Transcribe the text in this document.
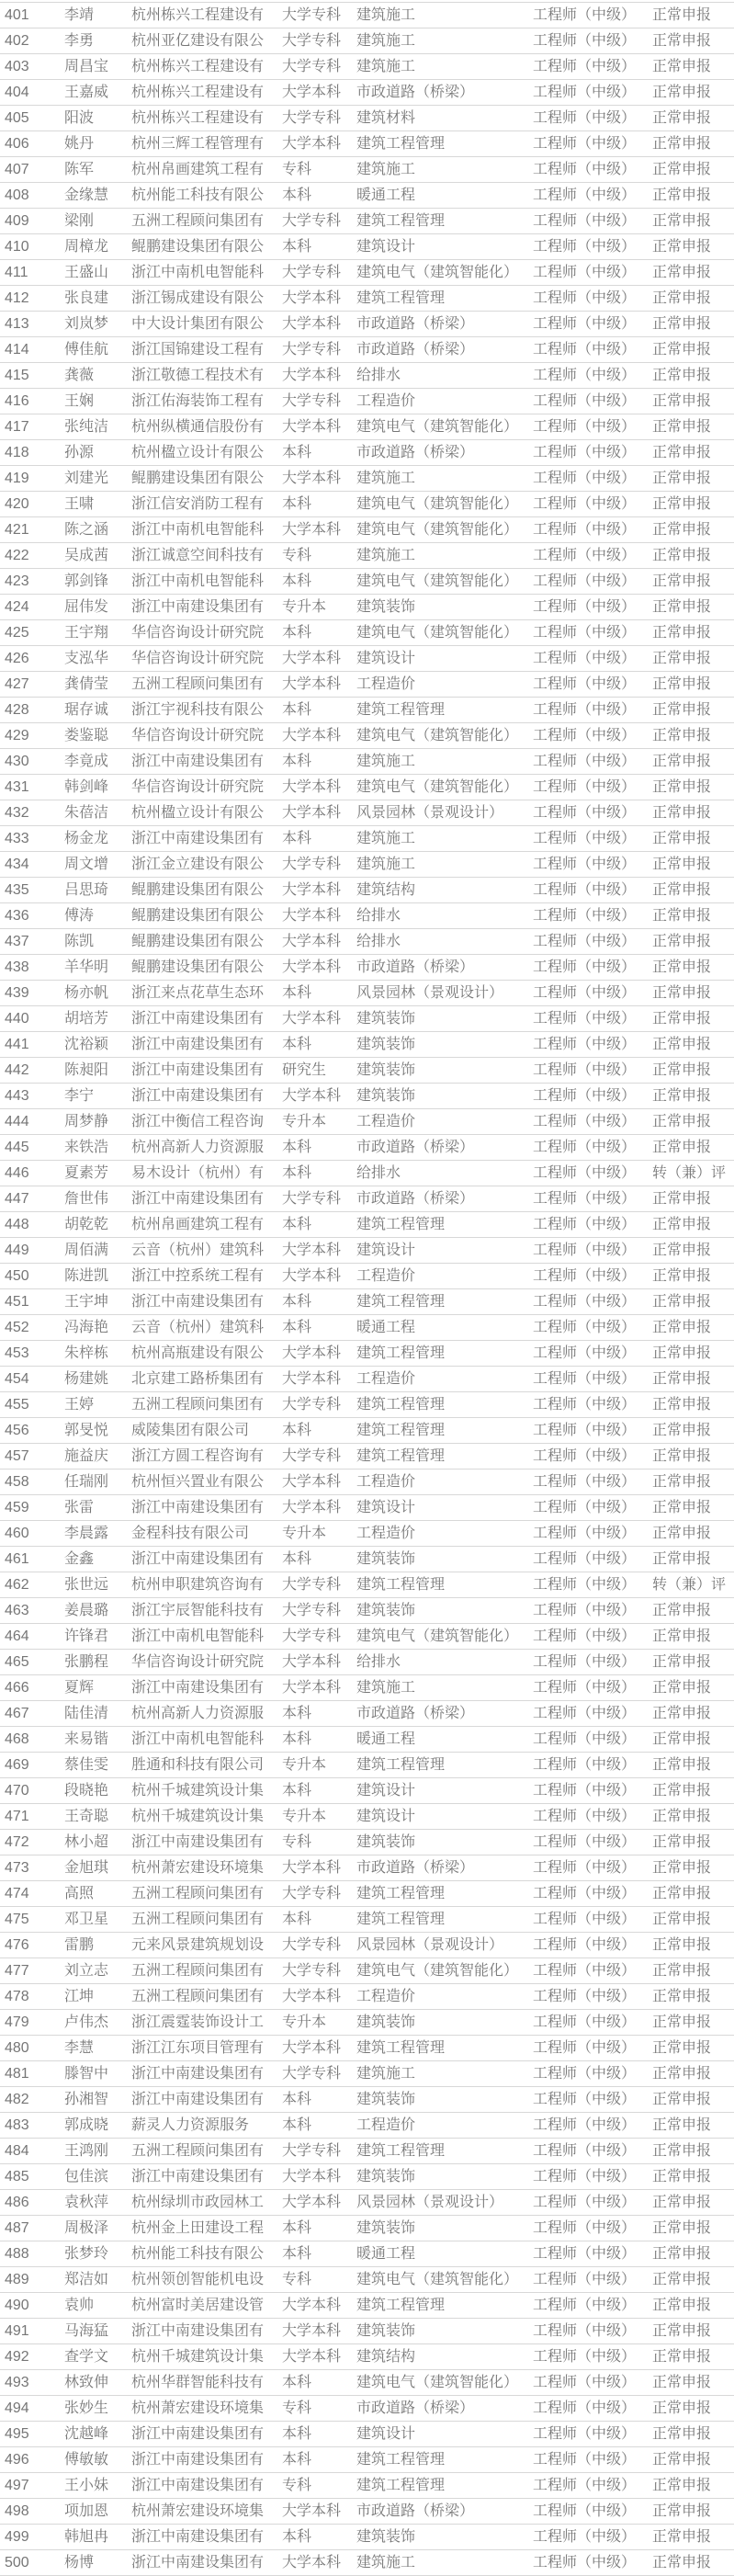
401	李靖	杭州栋兴工程建设有	大学专科	建筑施工	工程师（中级）	正常申报
402	李勇	杭州亚亿建设有限公	大学专科	建筑施工	工程师（中级）	正常申报
403	周昌宝	杭州栋兴工程建设有	大学专科	建筑施工	工程师（中级）	正常申报
404	王嘉威	杭州栋兴工程建设有	大学本科	市政道路（桥梁）	工程师（中级）	正常申报
405	阳波	杭州栋兴工程建设有	大学专科	建筑材料	工程师（中级）	正常申报
406	姚丹	杭州三辉工程管理有	大学本科	建筑工程管理	工程师（中级）	正常申报
407	陈军	杭州帛画建筑工程有	专科	建筑施工	工程师（中级）	正常申报
408	金缘慧	杭州能工科技有限公	本科	暖通工程	工程师（中级）	正常申报
409	梁刚	五洲工程顾问集团有	大学专科	建筑工程管理	工程师（中级）	正常申报
410	周樟龙	鲲鹏建设集团有限公	本科	建筑设计	工程师（中级）	正常申报
411	王盛山	浙江中南机电智能科	大学专科	建筑电气（建筑智能化） 工程师（中级）	正常申报
412	张良建	浙江锡成建设有限公	大学本科	建筑工程管理	工程师（中级）	正常申报
413	刘岚梦	中大设计集团有限公	大学本科	市政道路（桥梁）	工程师（中级）	正常申报
414	傅佳航	浙江国锦建设工程有	大学专科	市政道路（桥梁）	工程师（中级）	正常申报
415	龚薇	浙江敬德工程技术有	大学本科	给排水	工程师（中级）	正常申报
416	王娴	浙江佑海装饰工程有	大学专科	工程造价	工程师（中级）	正常申报
417	张纯洁	杭州纵横通信股份有	大学本科	建筑电气（建筑智能化） 工程师（中级）	正常申报
418	孙源	杭州楹立设计有限公	本科	市政道路（桥梁）	工程师（中级）	正常申报
419	刘建光	鲲鹏建设集团有限公	大学本科	建筑施工	工程师（中级）	正常申报
420	王啸	浙江信安消防工程有	本科	建筑电气（建筑智能化） 工程师（中级）	正常申报
421	陈之涵	浙江中南机电智能科	大学本科	建筑电气（建筑智能化） 工程师（中级）	正常申报
422	吴成茜	浙江诚意空间科技有	专科	建筑施工	工程师（中级）	正常申报
423	郭剑锋	浙江中南机电智能科	本科	建筑电气（建筑智能化） 工程师（中级）	正常申报
424	屈伟发	浙江中南建设集团有	专升本	建筑装饰	工程师（中级）	正常申报
425	王宇翔	华信咨询设计研究院	本科	建筑电气（建筑智能化） 工程师（中级）	正常申报
426	支泓华	华信咨询设计研究院	大学本科	建筑设计	工程师（中级）	正常申报
427	龚倩莹	五洲工程顾问集团有	大学本科	工程造价	工程师（中级）	正常申报
428	琚存诚	浙江宇视科技有限公	本科	建筑工程管理	工程师（中级）	正常申报
429	娄鉴聪	华信咨询设计研究院	大学本科	建筑电气（建筑智能化） 工程师（中级）	正常申报
430	李竟成	浙江中南建设集团有	本科	建筑施工	工程师（中级）	正常申报
431	韩剑峰	华信咨询设计研究院	大学本科	建筑电气（建筑智能化） 工程师（中级）	正常申报
432	朱蓓洁	杭州楹立设计有限公	大学本科	风景园林（景观设计）	工程师（中级）	正常申报
433	杨金龙	浙江中南建设集团有	本科	建筑施工	工程师（中级）	正常申报
434	周文增	浙江金立建设有限公	大学专科	建筑施工	工程师（中级）	正常申报
435	吕思琦	鲲鹏建设集团有限公	大学本科	建筑结构	工程师（中级）	正常申报
436	傅涛	鲲鹏建设集团有限公	大学本科	给排水	工程师（中级）	正常申报
437	陈凯	鲲鹏建设集团有限公	大学本科	给排水	工程师（中级）	正常申报
438	羊华明	鲲鹏建设集团有限公	大学本科	市政道路（桥梁）	工程师（中级）	正常申报
439	杨亦帆	浙江来点花草生态环	本科	风景园林（景观设计）	工程师（中级）	正常申报
440	胡培芳	浙江中南建设集团有	大学本科	建筑装饰	工程师（中级）	正常申报
441	沈裕颖	浙江中南建设集团有	本科	建筑装饰	工程师（中级）	正常申报
442	陈昶阳	浙江中南建设集团有	研究生	建筑装饰	工程师（中级）	正常申报
443	李宁	浙江中南建设集团有	大学本科	建筑装饰	工程师（中级）	正常申报
444	周梦静	浙江中衡信工程咨询	专升本	工程造价	工程师（中级）	正常申报
445	来铁浩	杭州高新人力资源服	本科	市政道路（桥梁）	工程师（中级）	正常申报
446	夏素芳	易木设计（杭州）有	本科	给排水	工程师（中级）	转（兼）评
447	詹世伟	浙江中南建设集团有	大学专科	市政道路（桥梁）	工程师（中级）	正常申报
448	胡乾乾	杭州帛画建筑工程有	本科	建筑工程管理	工程师（中级）	正常申报
449	周佰满	云音（杭州）建筑科	大学本科	建筑设计	工程师（中级）	正常申报
450	陈进凯	浙江中控系统工程有	大学本科	工程造价	工程师（中级）	正常申报
451	王宇坤	浙江中南建设集团有	本科	建筑工程管理	工程师（中级）	正常申报
452	冯海艳	云音（杭州）建筑科	本科	暖通工程	工程师（中级）	正常申报
453	朱梓栋	杭州高瓶建设有限公	大学本科	建筑工程管理	工程师（中级）	正常申报
454	杨建姚	北京建工路桥集团有	大学本科	工程造价	工程师（中级）	正常申报
455	王婷	五洲工程顾问集团有	大学专科	建筑工程管理	工程师（中级）	正常申报
456	郭旻悦	威陵集团有限公司	本科	建筑工程管理	工程师（中级）	正常申报
457	施益庆	浙江方圆工程咨询有	大学专科	建筑工程管理	工程师（中级）	正常申报
458	任瑞刚	杭州恒兴置业有限公	大学本科	工程造价	工程师（中级）	正常申报
459	张雷	浙江中南建设集团有	大学本科	建筑设计	工程师（中级）	正常申报
460	李晨露	金程科技有限公司	专升本	工程造价	工程师（中级）	正常申报
461	金鑫	浙江中南建设集团有	本科	建筑装饰	工程师（中级）	正常申报
462	张世远	杭州申职建筑咨询有	大学专科	建筑工程管理	工程师（中级）	转（兼）评
463	姜晨璐	浙江宇辰智能科技有	大学专科	建筑装饰	工程师（中级）	正常申报
464	许锋君	浙江中南机电智能科	大学专科	建筑电气（建筑智能化） 工程师（中级）	正常申报
465	张鹏程	华信咨询设计研究院	大学本科	给排水	工程师（中级）	正常申报
466	夏辉	浙江中南建设集团有	大学本科	建筑施工	工程师（中级）	正常申报
467	陆佳清	杭州高新人力资源服	本科	市政道路（桥梁）	工程师（中级）	正常申报
468	来易锴	浙江中南机电智能科	本科	暖通工程	工程师（中级）	正常申报
469	蔡佳雯	胜通和科技有限公司	专升本	建筑工程管理	工程师（中级）	正常申报
470	段晓艳	杭州千城建筑设计集	本科	建筑设计	工程师（中级）	正常申报
471	王奇聪	杭州千城建筑设计集	专升本	建筑设计	工程师（中级）	正常申报
472	林小超	浙江中南建设集团有	专科	建筑装饰	工程师（中级）	正常申报
473	金旭琪	杭州萧宏建设环境集	大学本科	市政道路（桥梁）	工程师（中级）	正常申报
474	高照	五洲工程顾问集团有	大学专科	建筑工程管理	工程师（中级）	正常申报
475	邓卫星	五洲工程顾问集团有	本科	建筑工程管理	工程师（中级）	正常申报
476	雷鹏	元来风景建筑规划设	大学专科	风景园林（景观设计）	工程师（中级）	正常申报
477	刘立志	五洲工程顾问集团有	大学专科	建筑电气（建筑智能化） 工程师（中级）	正常申报
478	江坤	五洲工程顾问集团有	大学本科	工程造价	工程师（中级）	正常申报
479	卢伟杰	浙江震霆装饰设计工	专升本	建筑装饰	工程师（中级）	正常申报
480	李慧	浙江江东项目管理有	大学本科	建筑工程管理	工程师（中级）	正常申报
481	滕智中	浙江中南建设集团有	大学专科	建筑施工	工程师（中级）	正常申报
482	孙湘智	浙江中南建设集团有	本科	建筑装饰	工程师（中级）	正常申报
483	郭成晓	薪灵人力资源服务	本科	工程造价	工程师（中级）	正常申报
484	王鸿刚	五洲工程顾问集团有	大学专科	建筑工程管理	工程师（中级）	正常申报
485	包佳滨	浙江中南建设集团有	大学本科	建筑装饰	工程师（中级）	正常申报
486	袁秋萍	杭州绿圳市政园林工	大学本科	风景园林（景观设计）	工程师（中级）	正常申报
487	周极泽	杭州金上田建设工程	本科	建筑装饰	工程师（中级）	正常申报
488	张梦玲	杭州能工科技有限公	本科	暖通工程	工程师（中级）	正常申报
489	郑洁如	杭州领创智能机电设	专科	建筑电气（建筑智能化） 工程师（中级）	正常申报
490	袁帅	杭州富时美居建设管	大学本科	建筑工程管理	工程师（中级）	正常申报
491	马海猛	浙江中南建设集团有	大学本科	建筑装饰	工程师（中级）	正常申报
492	查学文	杭州千城建筑设计集	大学本科	建筑结构	工程师（中级）	正常申报
493	林致伸	杭州华群智能科技有	本科	建筑电气（建筑智能化） 工程师（中级）	正常申报
494	张妙生	杭州萧宏建设环境集	专科	市政道路（桥梁）	工程师（中级）	正常申报
495	沈越峰	浙江中南建设集团有	本科	建筑设计	工程师（中级）	正常申报
496	傅敏敏	浙江中南建设集团有	本科	建筑工程管理	工程师（中级）	正常申报
497	王小妹	浙江中南建设集团有	专科	建筑工程管理	工程师（中级）	正常申报
498	项加恩	杭州萧宏建设环境集	大学本科	市政道路（桥梁）	工程师（中级）	正常申报
499	韩旭冉	浙江中南建设集团有	本科	建筑装饰	工程师（中级）	正常申报
500	杨博	浙江中南建设集团有	大学本科	建筑施工	工程师（中级）	正常申报
